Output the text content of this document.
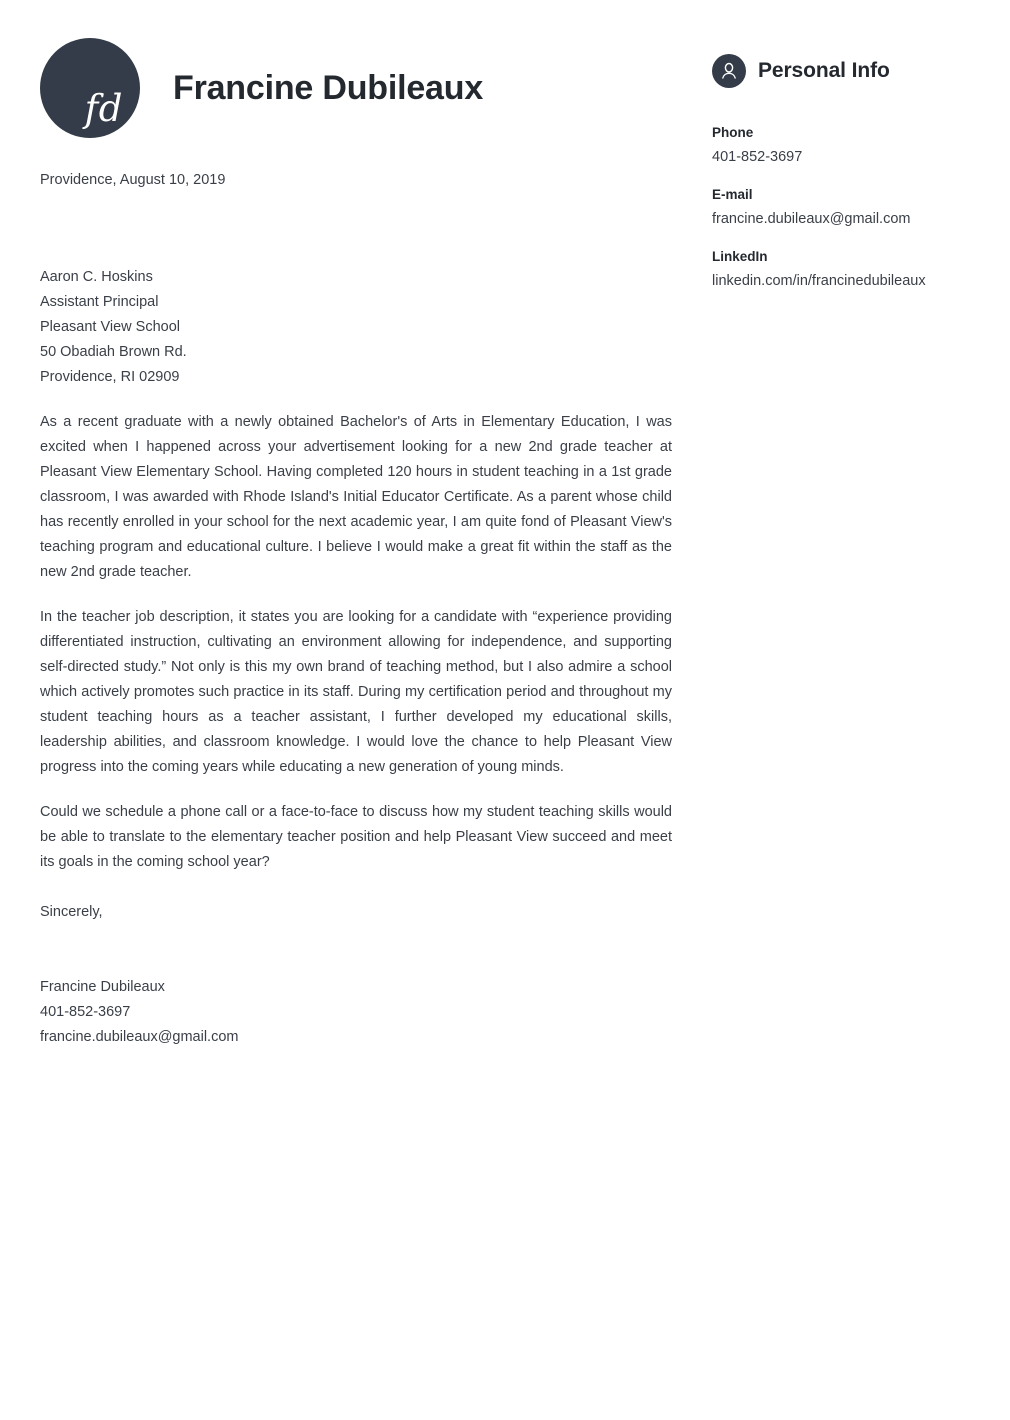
fd Francine Dubileaux
Providence, August 10, 2019
Aaron C. Hoskins
Assistant Principal
Pleasant View School
50 Obadiah Brown Rd.
Providence, RI 02909

As a recent graduate with a newly obtained Bachelor's of Arts in Elementary Education, I was excited when I happened across your advertisement looking for a new 2nd grade teacher at Pleasant View Elementary School. Having completed 120 hours in student teaching in a 1st grade classroom, I was awarded with Rhode Island's Initial Educator Certificate. As a parent whose child has recently enrolled in your school for the next academic year, I am quite fond of Pleasant View's teaching program and educational culture. I believe I would make a great fit within the staff as the new 2nd grade teacher.

In the teacher job description, it states you are looking for a candidate with “experience providing differentiated instruction, cultivating an environment allowing for independence, and supporting self-directed study.” Not only is this my own brand of teaching method, but I also admire a school which actively promotes such practice in its staff. During my certification period and throughout my student teaching hours as a teacher assistant, I further developed my educational skills, leadership abilities, and classroom knowledge. I would love the chance to help Pleasant View progress into the coming years while educating a new generation of young minds.

Could we schedule a phone call or a face-to-face to discuss how my student teaching skills would be able to translate to the elementary teacher position and help Pleasant View succeed and meet its goals in the coming school year?

Sincerely,
Francine Dubileaux
401-852-3697
francine.dubileaux@gmail.com
Personal Info
Phone
401-852-3697
E-mail
francine.dubileaux@gmail.com
LinkedIn
linkedin.com/in/francinedubileaux
